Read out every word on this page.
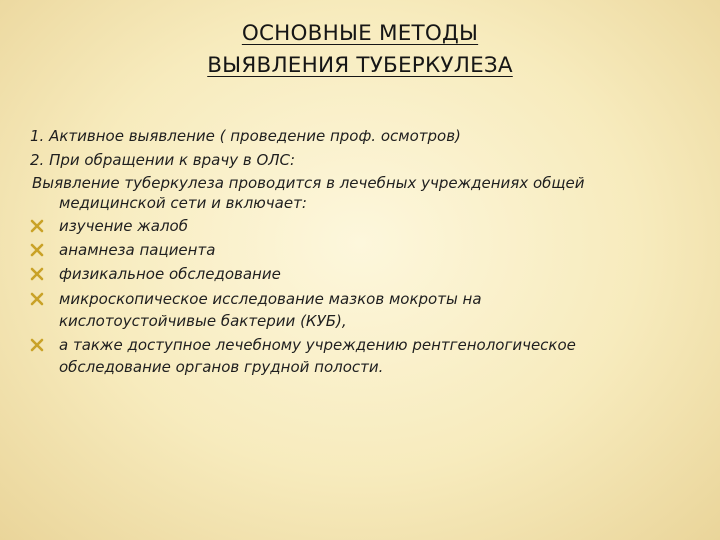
ОСНОВНЫЕ МЕТОДЫ
ВЫЯВЛЕНИЯ ТУБЕРКУЛЕЗА
1. Активное выявление ( проведение проф. осмотров)
2. При обращении к врачу в ОЛС:
Выявление туберкулеза проводится в лечебных учреждениях общей
медицинской сети и включает:
изучение жалоб
анамнеза пациента
физикальное обследование
микроскопическое исследование мазков мокроты на
кислотоустойчивые бактерии (КУБ),
а также доступное лечебному учреждению рентгенологическое
обследование органов грудной полости.
